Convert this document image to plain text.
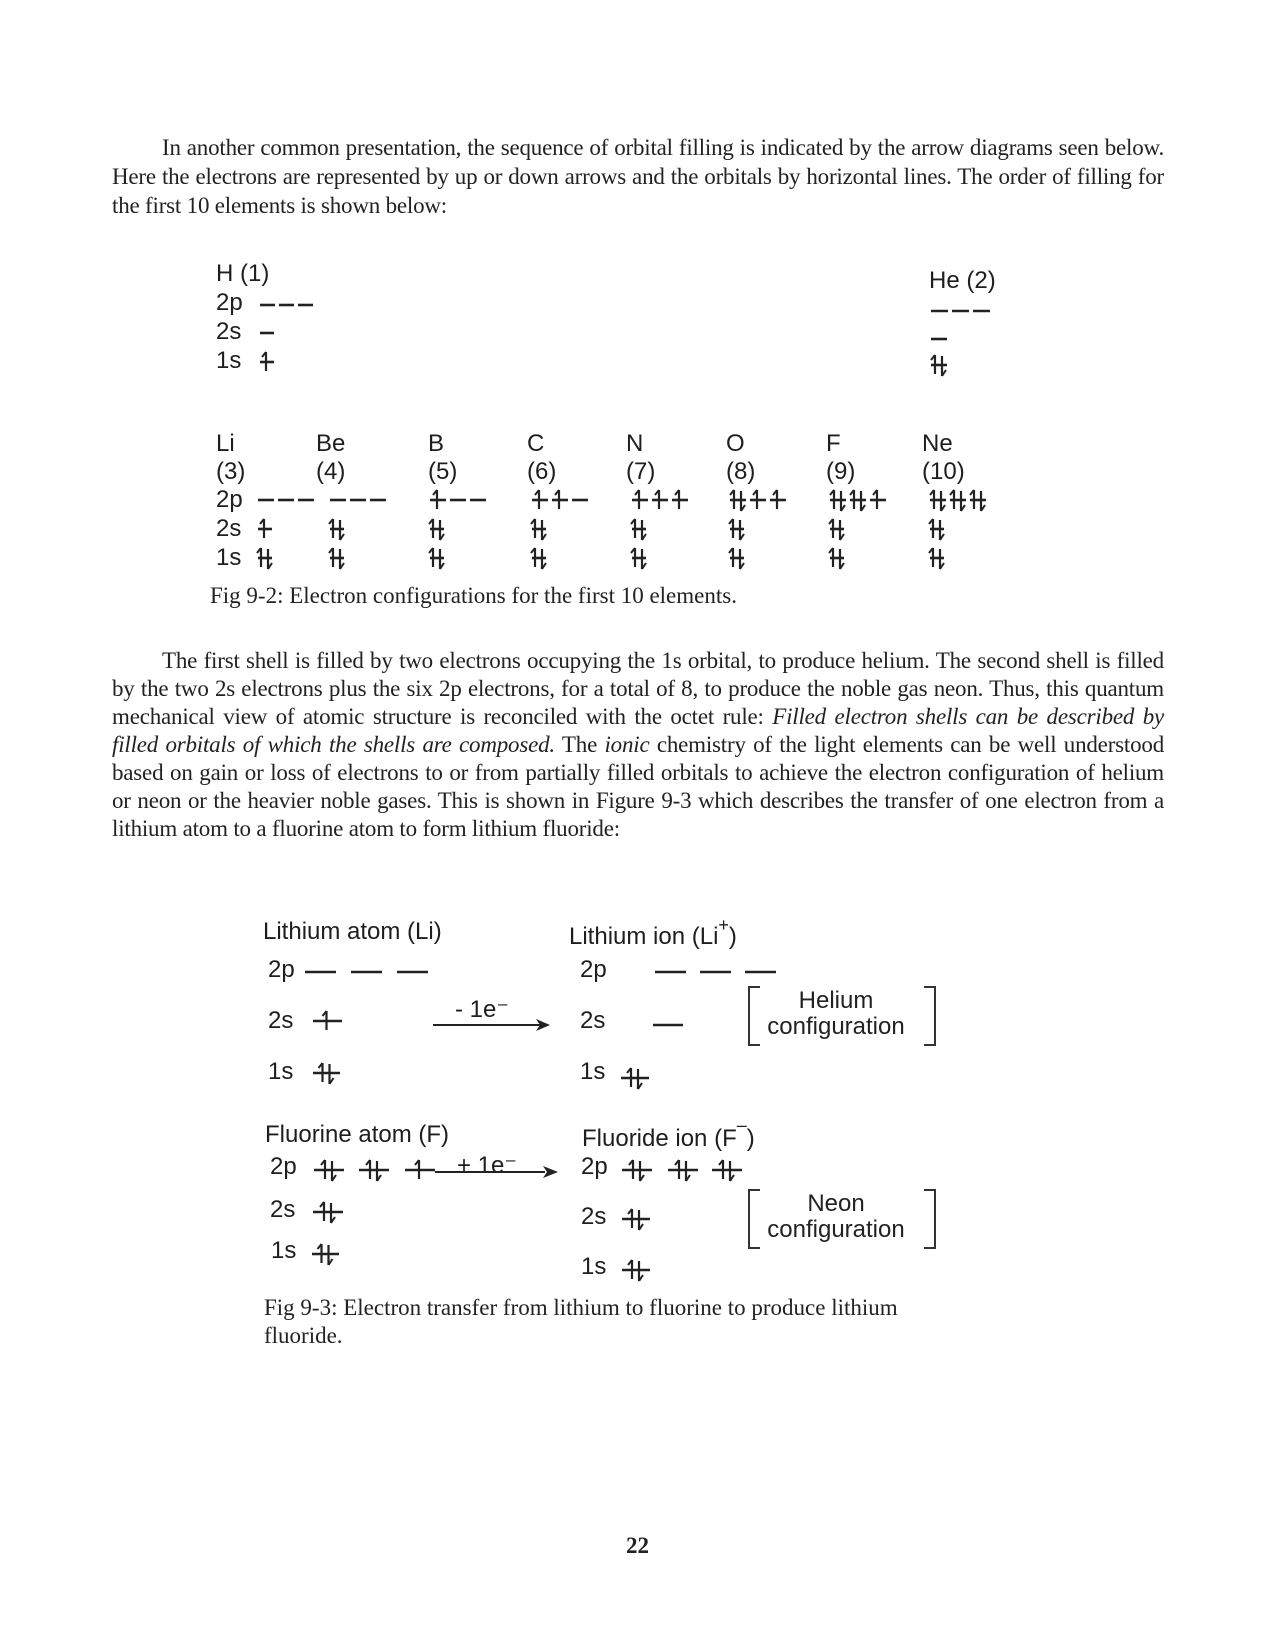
In another common presentation, the sequence of orbital filling is indicated by the arrow diagrams seen below. Here the electrons are represented by up or down arrows and the orbitals by horizontal lines. The order of filling for the first 10 elements is shown below:
H (1)
2p
2s
1s
He (2)
Li (3)
Be (4)
B (5)
C (6)
N (7)
O (8)
F (9)
Ne (10)
2p
2s
1s
Fig 9-2: Electron configurations for the first 10 elements.
The first shell is filled by two electrons occupying the 1s orbital, to produce helium. The second shell is filled by the two 2s electrons plus the six 2p electrons, for a total of 8, to produce the noble gas neon. Thus, this quantum mechanical view of atomic structure is reconciled with the octet rule: Filled electron shells can be described by filled orbitals of which the shells are composed. The ionic chemistry of the light elements can be well understood based on gain or loss of electrons to or from partially filled orbitals to achieve the electron configuration of helium or neon or the heavier noble gases. This is shown in Figure 9-3 which describes the transfer of one electron from a lithium atom to a fluorine atom to form lithium fluoride:
Lithium atom (Li)
2p
2s
1s
- 1e⁻
Lithium ion (Li+)
2p
2s
1s
Helium
configuration
Fluorine atom (F)
2p
2s
1s
+ 1e⁻
Fluoride ion (F–)
2p
2s
1s
Neon
configuration
Fig 9-3: Electron transfer from lithium to fluorine to produce lithium fluoride.
22
